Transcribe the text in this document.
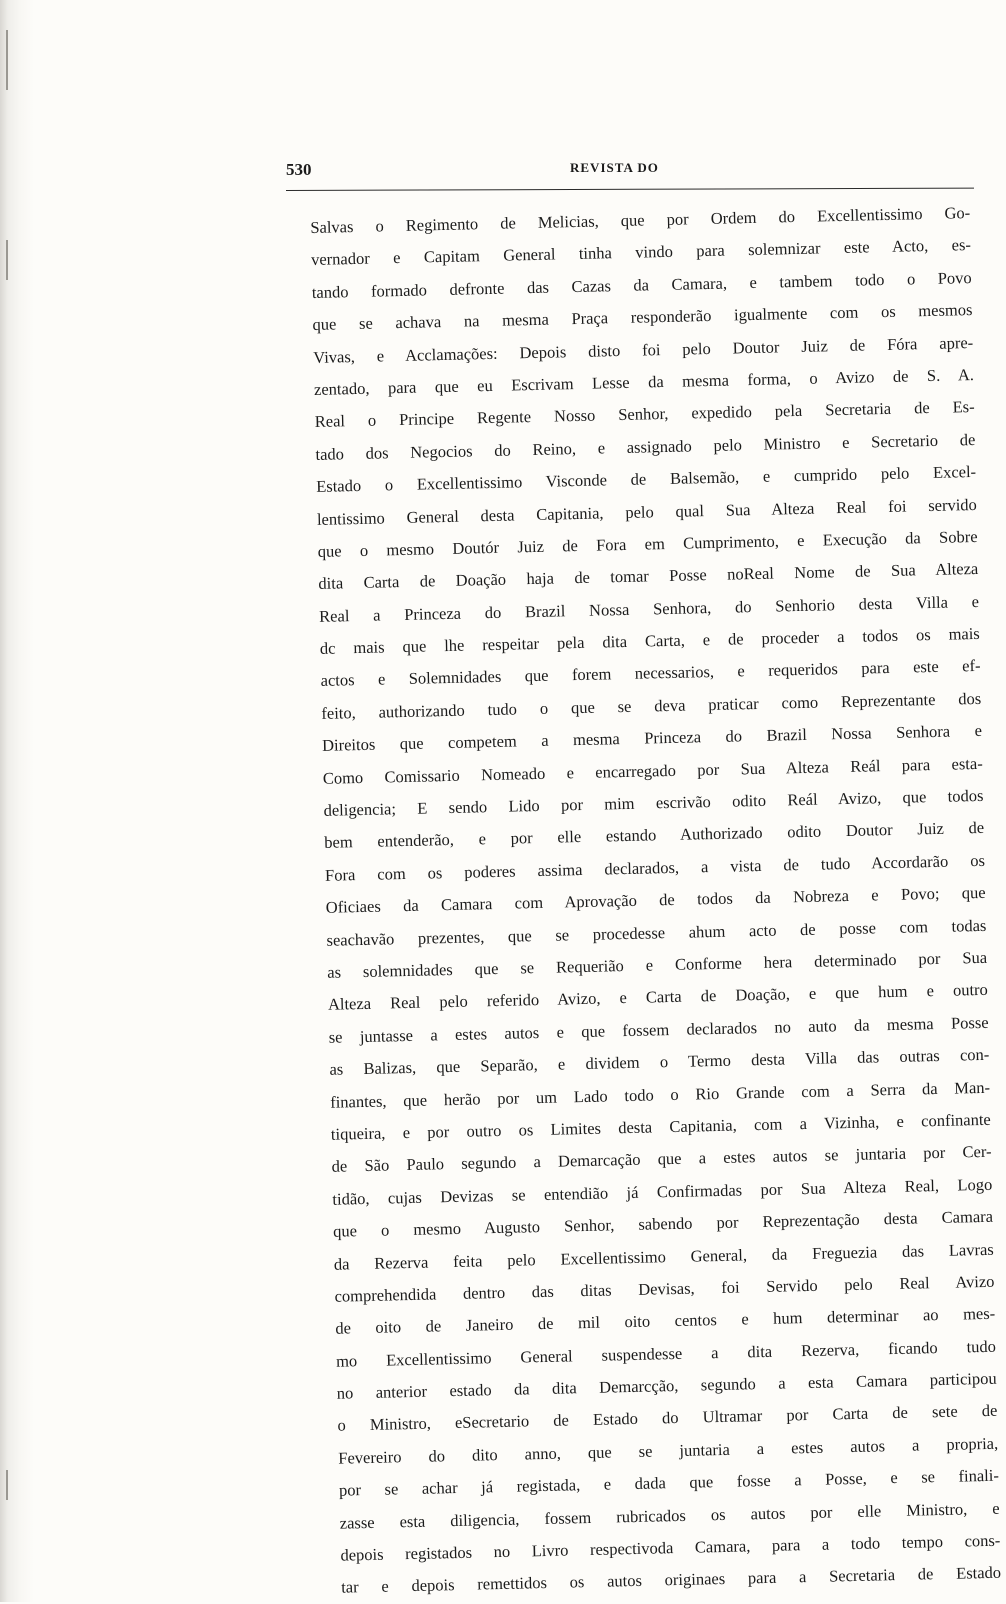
530	REVISTA DO
Salvas o Regimento de Melicias, que por Ordem do Excellentissimo Go-
vernador e Capitam General tinha vindo para solemnizar este Acto, es-
tando formado defronte das Cazas da Camara, e tambem todo o Povo
que se achava na mesma Praça responderão igualmente com os mesmos
Vivas, e Acclamações: Depois disto foi pelo Doutor Juiz de Fóra apre-
zentado, para que eu Escrivam Lesse da mesma forma, o Avizo de S. A.
Real o Principe Regente Nosso Senhor, expedido pela Secretaria de Es-
tado dos Negocios do Reino, e assignado pelo Ministro e Secretario de
Estado o Excellentissimo Visconde de Balsemão, e cumprido pelo Excel-
lentissimo General desta Capitania, pelo qual Sua Alteza Real foi servido
que o mesmo Doutór Juiz de Fora em Cumprimento, e Execução da Sobre
dita Carta de Doação haja de tomar Posse noReal Nome de Sua Alteza
Real a Princeza do Brazil Nossa Senhora, do Senhorio desta Villa e
dc mais que lhe respeitar pela dita Carta, e de proceder a todos os mais
actos e Solemnidades que forem necessarios, e requeridos para este ef-
feito, authorizando tudo o que se deva praticar como Reprezentante dos
Direitos que competem a mesma Princeza do Brazil Nossa Senhora e
Como Comissario Nomeado e encarregado por Sua Alteza Reál para esta-
deligencia; E sendo Lido por mim escrivão odito Reál Avizo, que todos
bem entenderão, e por elle estando Authorizado odito Doutor Juiz de
Fora com os poderes assima declarados, a vista de tudo Accordarão os
Oficiaes da Camara com Aprovação de todos da Nobreza e Povo; que
seachavão prezentes, que se procedesse ahum acto de posse com todas
as solemnidades que se Requerião e Conforme hera determinado por Sua
Alteza Real pelo referido Avizo, e Carta de Doação, e que hum e outro
se juntasse a estes autos e que fossem declarados no auto da mesma Posse
as Balizas, que Separão, e dividem o Termo desta Villa das outras con-
finantes, que herão por um Lado todo o Rio Grande com a Serra da Man-
tiqueira, e por outro os Limites desta Capitania, com a Vizinha, e confinante
de São Paulo segundo a Demarcação que a estes autos se juntaria por Cer-
tidão, cujas Devizas se entendião já Confirmadas por Sua Alteza Real, Logo
que o mesmo Augusto Senhor, sabendo por Reprezentação desta Camara
da Rezerva feita pelo Excellentissimo General, da Freguezia das Lavras
comprehendida dentro das ditas Devisas, foi Servido pelo Real Avizo
de oito de Janeiro de mil oito centos e hum determinar ao mes-
mo Excellentissimo General suspendesse a dita Rezerva, ficando tudo
no anterior estado da dita Demarcção, segundo a esta Camara participou
o Ministro, eSecretario de Estado do Ultramar por Carta de sete de
Fevereiro do dito anno, que se juntaria a estes autos a propria,
por se achar já registada, e dada que fosse a Posse, e se finali-
zasse esta diligencia, fossem rubricados os autos por elle Ministro, e
depois registados no Livro respectivoda Camara, para a todo tempo cons-
tar e depois remettidos os autos originaes para a Secretaria de Estado
